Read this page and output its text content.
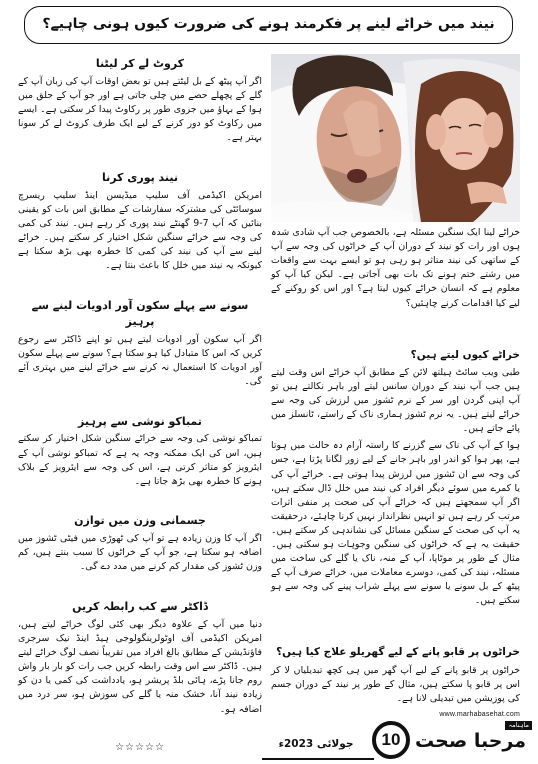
نیند میں خراٹے لینے پر فکرمند ہونے کی ضرورت کیوں ہونی چاہیے؟
کروٹ لے کر لیٹنا

اگر آپ پیٹھ کے بل لیٹتے ہیں تو بعض اوقات آپ کی زبان آپ کے گلے کے پچھلے حصے میں چلی جاتی ہے اور جو آپ کے حلق میں ہوا کے بہاؤ میں جزوی طور پر رکاوٹ پیدا کر سکتی ہے۔ ایسے میں رکاوٹ کو دور کرنے کے لیے ایک طرف کروٹ لے کر سونا بہتر ہے۔

نیند پوری کرنا

امریکن اکیڈمی آف سلیپ میڈیسن اینڈ سلیپ ریسرچ سوسائٹی کی مشترکہ سفارشات کے مطابق اس بات کو یقینی بنائیں کہ آپ 7-9 گھنٹے نیند پوری کر رہے ہیں۔ نیند کی کمی کی وجہ سے خراٹے سنگین شکل اختیار کر سکتے ہیں۔ خراٹے لینے سے آپ کی نیند کی کمی کا خطرہ بھی بڑھ سکتا ہے کیونکہ یہ نیند میں خلل کا باعث بنتا ہے۔

سونے سے پہلے سکون آور ادویات لینے سے پرہیز

اگر آپ سکون آور ادویات لیتے ہیں تو اپنے ڈاکٹر سے رجوع کریں کہ اس کا متبادل کیا ہو سکتا ہے؟ سونے سے پہلے سکون آور ادویات کا استعمال نہ کرنے سے خراٹے لینے میں بہتری آئے گی۔

تمباکو نوشی سے پرہیز

تمباکو نوشی کی وجہ سے خراٹے سنگین شکل اختیار کر سکتے ہیں، اس کی ایک ممکنہ وجہ یہ ہے کہ تمباکو نوشی آپ کے ایئرویز کو متاثر کرتی ہے، اس کی وجہ سے ایئرویز کے بلاک ہونے کا خطرہ بھی بڑھ جاتا ہے۔

جسمانی وزن میں توازن

اگر آپ کا وزن زیادہ ہے تو آپ کی ٹھوڑی میں فیٹی ٹشوز میں اضافہ ہو سکتا ہے، جو آپ کے خراٹوں کا سبب بنتے ہیں، کم وزن ٹشوز کی مقدار کم کرنے میں مدد دے گی۔

ڈاکٹر سے کب رابطہ کریں

دنیا میں آپ کے علاوہ دیگر بھی کئی لوگ خراٹے لیتے ہیں، امریکن اکیڈمی آف اوٹولرینگولوجی ہیڈ اینڈ نیک سرجری فاؤنڈیشن کے مطابق بالغ افراد میں تقریباً نصف لوگ خراٹے لیتے ہیں۔ ڈاکٹر سے اس وقت رابطہ کریں جب رات کو بار بار واش روم جانا پڑے، ہائی بلڈ پریشر ہو، یادداشت کی کمی یا دن کو زیادہ نیند آنا، خشک منہ یا گلے کی سوزش ہو، سر درد میں اضافہ ہو۔

☆☆☆☆☆

خراٹے لینا ایک سنگین مسئلہ ہے، بالخصوص جب آپ شادی شدہ ہوں اور رات کو نیند کے دوران آپ کے خراٹوں کی وجہ سے آپ کے ساتھی کی نیند متاثر ہو رہی ہو تو ایسے بہت سے واقعات میں رشتے ختم ہونے تک بات بھی آجاتی ہے۔ لیکن کیا آپ کو معلوم ہے کہ انسان خراٹے کیوں لیتا ہے؟ اور اس کو روکنے کے لیے کیا اقدامات کرنے چاہئیں؟

خراٹے کیوں لیتے ہیں؟

طبی ویب سائٹ ہیلتھ لائن کے مطابق آپ خراٹے اس وقت لیتے ہیں جب آپ نیند کے دوران سانس لیتے اور باہر نکالتے ہیں تو آپ اپنی گردن اور سر کے نرم ٹشوز میں لرزش کی وجہ سے خراٹے لیتے ہیں۔ یہ نرم ٹشوز ہماری ناک کے راستے، ٹانسلز میں پائے جاتے ہیں۔

ہوا کے آپ کی ناک سے گزرنے کا راستہ آرام دہ حالت میں ہوتا ہے، پھر ہوا کو اندر اور باہر جانے کے لیے زور لگانا پڑتا ہے، جس کی وجہ سے ان ٹشوز میں لرزش پیدا ہوتی ہے۔ خراٹے آپ کی یا کمرے میں سوئے دیگر افراد کی نیند میں خلل ڈال سکتے ہیں، اگر آپ سمجھتے ہیں کہ خراٹے آپ کی صحت پر منفی اثرات مرتب کر رہے ہیں تو انہیں نظرانداز نہیں کرنا چاہئے، درحقیقت یہ آپ کی صحت کے سنگین مسائل کی نشاندہی کر سکتے ہیں۔ حقیقت یہ ہے کہ خراٹوں کی سنگین وجوہات ہو سکتی ہیں۔ مثال کے طور پر موٹاپا، آپ کے منہ، ناک یا گلے کی ساخت میں مسئلہ، نیند کی کمی، دوسرے معاملات میں، خراٹے صرف آپ کے پیٹھ کے بل سونے یا سونے سے پہلے شراب پینے کی وجہ سے ہو سکتے ہیں۔

خراٹوں پر قابو پانے کے لیے گھریلو علاج کیا ہیں؟

خراٹوں پر قابو پانے کے لیے آپ گھر میں ہی کچھ تبدیلیاں لا کر اس پر قابو پا سکتے ہیں، مثال کے طور پر نیند کے دوران جسم کی پوزیشن میں تبدیلی لانا ہے۔

www.marhabasehat.com
ماہنامہ
مرحبا صحت
10
جولائی 2023ء
